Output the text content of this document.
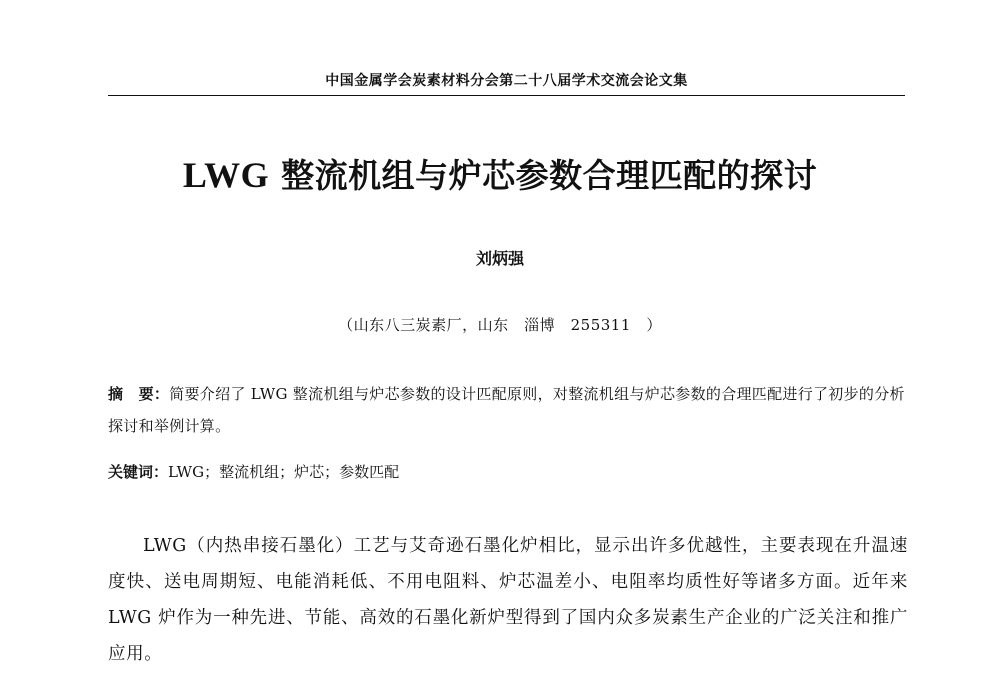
中国金属学会炭素材料分会第二十八届学术交流会论文集
LWG 整流机组与炉芯参数合理匹配的探讨
刘炳强
（山东八三炭素厂，山东　淄博　255311　）
摘　要：简要介绍了 LWG 整流机组与炉芯参数的设计匹配原则，对整流机组与炉芯参数的合理匹配进行了初步的分析探讨和举例计算。
关键词：LWG；整流机组；炉芯；参数匹配
LWG（内热串接石墨化）工艺与艾奇逊石墨化炉相比，显示出许多优越性，主要表现在升温速度快、送电周期短、电能消耗低、不用电阻料、炉芯温差小、电阻率均质性好等诸多方面。近年来 LWG 炉作为一种先进、节能、高效的石墨化新炉型得到了国内众多炭素生产企业的广泛关注和推广应用。
